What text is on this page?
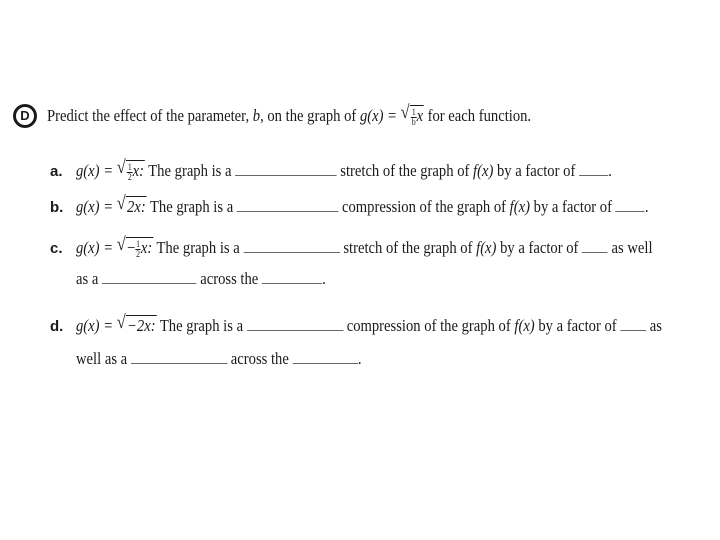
D Predict the effect of the parameter, b, on the graph of g(x) = √ $\frac{1}{b}$ x for each function.
a. g(x) = √ $\frac{1}{2} x$: The graph is a	stretch of the graph of f(x) by a factor of .
b. g(x) = √ 2x: The graph is a	compression of the graph of f(x) by a factor of .
c. g(x) = √ − $\frac{1}{2} x$: The graph is a	stretch of the graph of f(x) by a factor of as well
as a	across the	.
d. g(x) = √ −2x: The graph is a	compression of the graph of f(x) by a factor of as
well as a	across the	.
